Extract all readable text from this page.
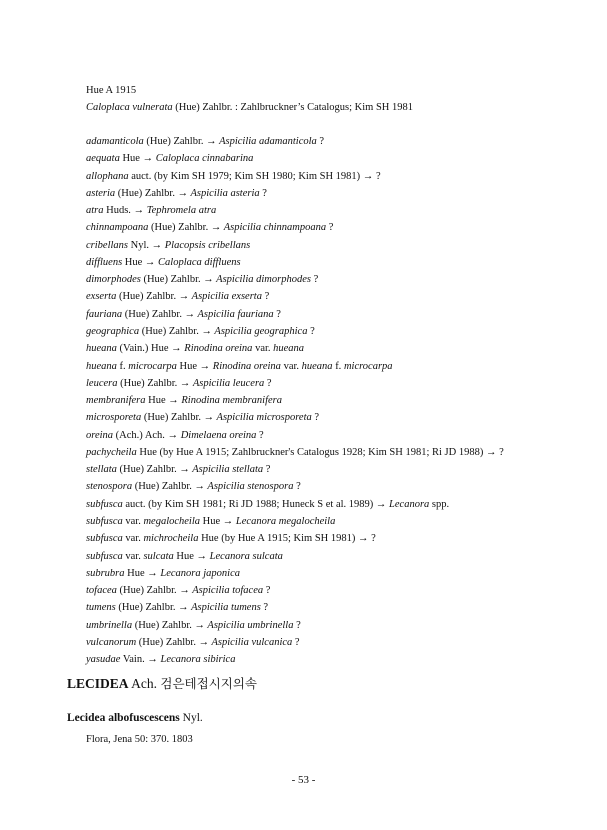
Hue A 1915
Caloplaca vulnerata (Hue) Zahlbr. : Zahlbruckner’s Catalogus; Kim SH 1981
adamanticola (Hue) Zahlbr. → Aspicilia adamanticola ?
aequata Hue → Caloplaca cinnabarina
allophana auct. (by Kim SH 1979; Kim SH 1980; Kim SH 1981) → ?
asteria (Hue) Zahlbr. → Aspicilia asteria ?
atra Huds. → Tephromela atra
chinnampoana (Hue) Zahlbr. → Aspicilia chinnampoana ?
cribellans Nyl. → Placopsis cribellans
diffluens Hue → Caloplaca diffluens
dimorphodes (Hue) Zahlbr. → Aspicilia dimorphodes ?
exserta (Hue) Zahlbr. → Aspicilia exserta ?
fauriana (Hue) Zahlbr. → Aspicilia fauriana ?
geographica (Hue) Zahlbr. → Aspicilia geographica ?
hueana (Vain.) Hue → Rinodina oreina var. hueana
hueana f. microcarpa Hue → Rinodina oreina var. hueana f. microcarpa
leucera (Hue) Zahlbr. → Aspicilia leucera ?
membranifera Hue → Rinodina membranifera
microsporeta (Hue) Zahlbr. → Aspicilia microsporeta ?
oreina (Ach.) Ach. → Dimelaena oreina ?
pachycheila Hue (by Hue A 1915; Zahlbruckner's Catalogus 1928; Kim SH 1981; Ri JD 1988) → ?
stellata (Hue) Zahlbr. → Aspicilia stellata ?
stenospora (Hue) Zahlbr. → Aspicilia stenospora ?
subfusca auct. (by Kim SH 1981; Ri JD 1988; Huneck S et al. 1989) → Lecanora spp.
subfusca var. megalocheila Hue → Lecanora megalocheila
subfusca var. michrocheila Hue (by Hue A 1915; Kim SH 1981) → ?
subfusca var. sulcata Hue → Lecanora sulcata
subrubra Hue → Lecanora japonica
tofacea (Hue) Zahlbr. → Aspicilia tofacea ?
tumens (Hue) Zahlbr. → Aspicilia tumens ?
umbrinella (Hue) Zahlbr. → Aspicilia umbrinella ?
vulcanorum (Hue) Zahlbr. → Aspicilia vulcanica ?
yasudae Vain. → Lecanora sibirica
LECIDEA Ach. 검은테접시지의속
Lecidea albofuscescens Nyl.
Flora, Jena 50: 370. 1803
- 53 -
